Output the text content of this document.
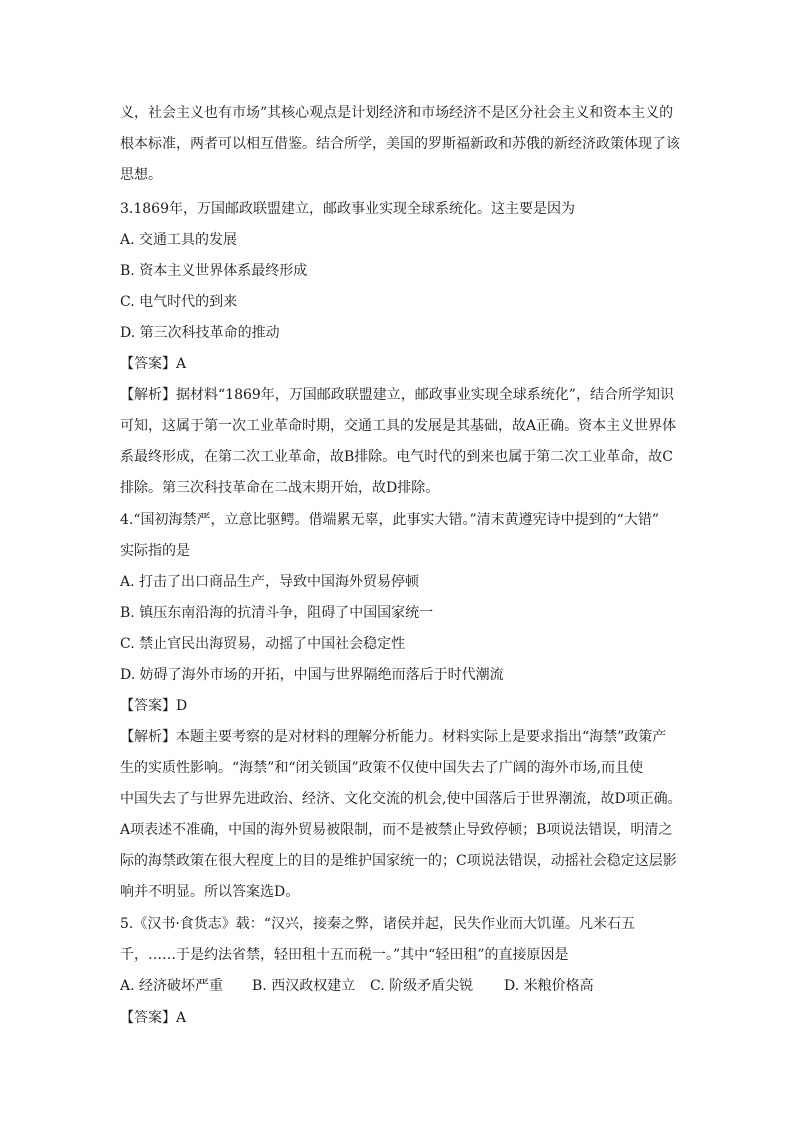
义，社会主义也有市场”其核心观点是计划经济和市场经济不是区分社会主义和资本主义的
根本标准，两者可以相互借鉴。结合所学，美国的罗斯福新政和苏俄的新经济政策体现了该
思想。
3.1869年，万国邮政联盟建立，邮政事业实现全球系统化。这主要是因为
A. 交通工具的发展
B. 资本主义世界体系最终形成
C. 电气时代的到来
D. 第三次科技革命的推动
【答案】A
【解析】据材料“1869年，万国邮政联盟建立，邮政事业实现全球系统化”，结合所学知识
可知，这属于第一次工业革命时期，交通工具的发展是其基础，故A正确。资本主义世界体
系最终形成，在第二次工业革命，故B排除。电气时代的到来也属于第二次工业革命，故C
排除。第三次科技革命在二战末期开始，故D排除。
4.“国初海禁严，立意比驱鳄。借端累无辜，此事实大错。”清末黄遵宪诗中提到的“大错”
实际指的是
A. 打击了出口商品生产，导致中国海外贸易停顿
B. 镇压东南沿海的抗清斗争，阻碍了中国国家统一
C. 禁止官民出海贸易，动摇了中国社会稳定性
D. 妨碍了海外市场的开拓，中国与世界隔绝而落后于时代潮流
【答案】D
【解析】本题主要考察的是对材料的理解分析能力。材料实际上是要求指出“海禁”政策产
生的实质性影响。“海禁”和“闭关锁国”政策不仅使中国失去了广阔的海外市场,而且使
中国失去了与世界先进政治、经济、文化交流的机会,使中国落后于世界潮流，故D项正确。
A项表述不准确，中国的海外贸易被限制，而不是被禁止导致停顿；B项说法错误，明清之
际的海禁政策在很大程度上的目的是维护国家统一的；C项说法错误，动摇社会稳定这层影
响并不明显。所以答案选D。
5.《汉书·食货志》载：“汉兴，接秦之弊，诸侯并起，民失作业而大饥谨。凡米石五
千，……于是约法省禁，轻田租十五而税一。”其中“轻田租”的直接原因是
A. 经济破坏严重 B. 西汉政权建立 C. 阶级矛盾尖锐 D. 米粮价格高
【答案】A
